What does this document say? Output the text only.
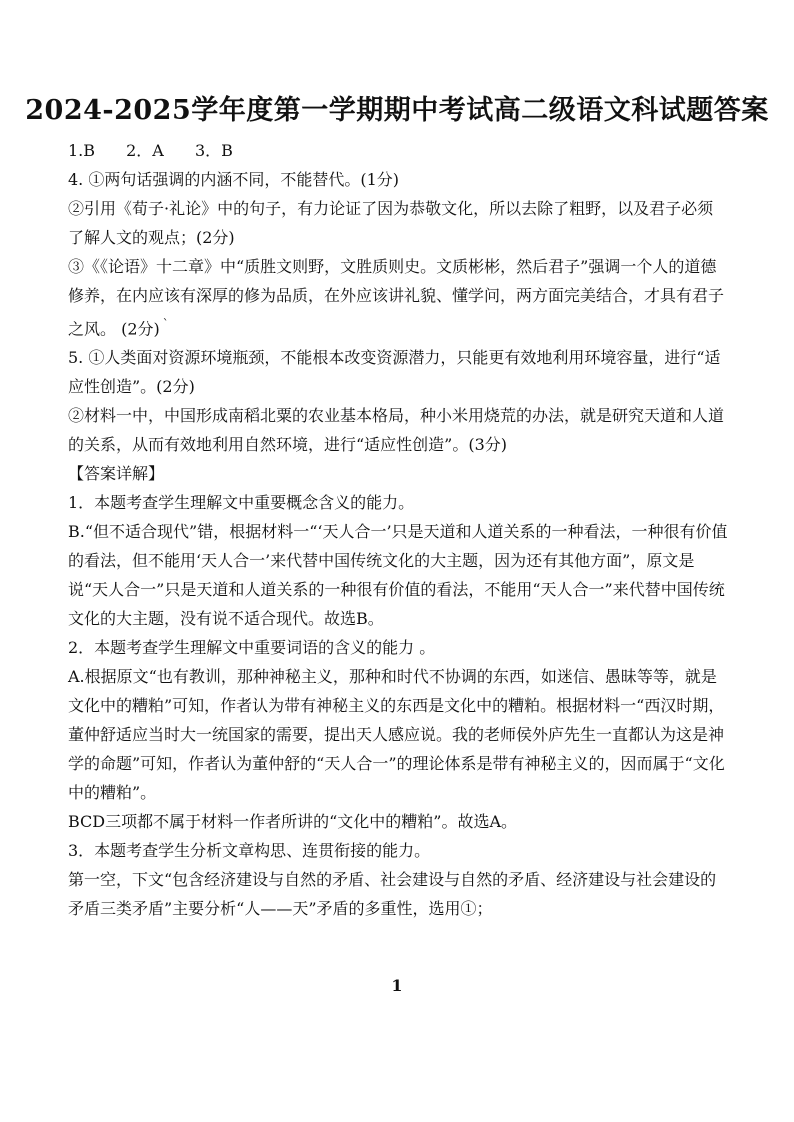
2024-2025学年度第一学期期中考试高二级语文科试题答案

1.B 2．A 3．B

4. ①两句话强调的内涵不同，不能替代。(1分)

②引用《荀子·礼论》中的句子，有力论证了因为恭敬文化，所以去除了粗野，以及君子必须了解人文的观点；(2分)

③《《论语》十二章》中“质胜文则野，文胜质则史。文质彬彬，然后君子”强调一个人的道德修养，在内应该有深厚的修为品质，在外应该讲礼貌、懂学问，两方面完美结合，才具有君子之风。 (2分) $^ˋ$

5. ①人类面对资源环境瓶颈，不能根本改变资源潜力，只能更有效地利用环境容量，进行“适应性创造”。(2分)

②材料一中，中国形成南稻北粟的农业基本格局，种小米用烧荒的办法，就是研究天道和人道的关系，从而有效地利用自然环境，进行“适应性创造”。(3分)

【答案详解】

1．本题考查学生理解文中重要概念含义的能力。

B.“但不适合现代”错，根据材料一“‘天人合一’只是天道和人道关系的一种看法，一种很有价值的看法，但不能用‘天人合一’来代替中国传统文化的大主题，因为还有其他方面”，原文是说“天人合一”只是天道和人道关系的一种很有价值的看法，不能用“天人合一”来代替中国传统文化的大主题，没有说不适合现代。故选B。

2．本题考查学生理解文中重要词语的含义的能力 。

A.根据原文“也有教训，那种神秘主义，那种和时代不协调的东西，如迷信、愚昧等等，就是文化中的糟粕”可知，作者认为带有神秘主义的东西是文化中的糟粕。根据材料一“西汉时期，董仲舒适应当时大一统国家的需要，提出天人感应说。我的老师侯外庐先生一直都认为这是神学的命题”可知，作者认为董仲舒的“天人合一”的理论体系是带有神秘主义的，因而属于“文化中的糟粕”。

BCD三项都不属于材料一作者所讲的“文化中的糟粕”。故选A。

3．本题考查学生分析文章构思、连贯衔接的能力。

第一空，下文“包含经济建设与自然的矛盾、社会建设与自然的矛盾、经济建设与社会建设的矛盾三类矛盾”主要分析“人——天”矛盾的多重性，选用①；

1
